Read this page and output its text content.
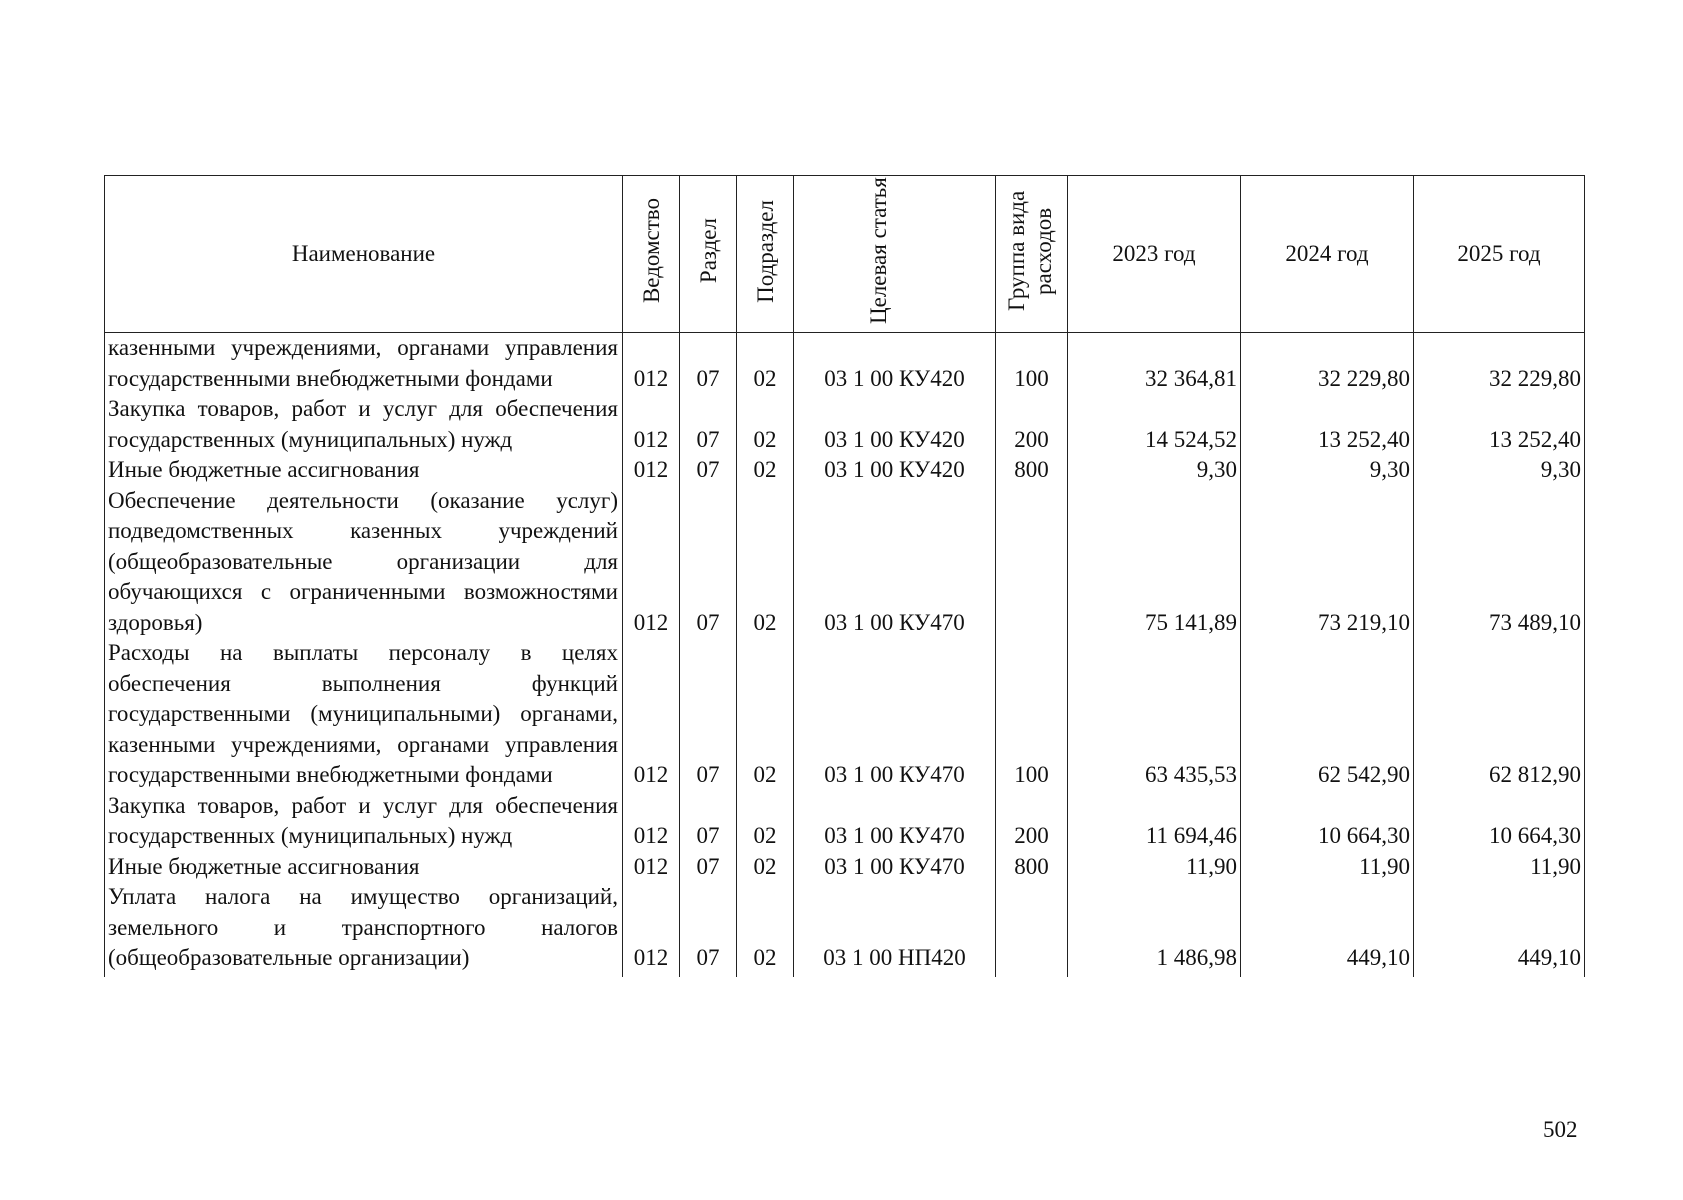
Наименование	Ведомство	Раздел	Подраздел	Целевая статья	Группа вида расходов	2023 год	2024 год	2025 год
казенными учреждениями, органами управления государственными внебюджетными фондами	012	07	02	03 1 00 КУ420	100	32 364,81	32 229,80	32 229,80
Закупка товаров, работ и услуг для обеспечения государственных (муниципальных) нужд	012	07	02	03 1 00 КУ420	200	14 524,52	13 252,40	13 252,40
Иные бюджетные ассигнования	012	07	02	03 1 00 КУ420	800	9,30	9,30	9,30
Обеспечение деятельности (оказание услуг) подведомственных казенных учреждений (общеобразовательные организации для обучающихся с ограниченными возможностями здоровья)	012	07	02	03 1 00 КУ470		75 141,89	73 219,10	73 489,10
Расходы на выплаты персоналу в целях обеспечения выполнения функций государственными (муниципальными) органами, казенными учреждениями, органами управления государственными внебюджетными фондами	012	07	02	03 1 00 КУ470	100	63 435,53	62 542,90	62 812,90
Закупка товаров, работ и услуг для обеспечения государственных (муниципальных) нужд	012	07	02	03 1 00 КУ470	200	11 694,46	10 664,30	10 664,30
Иные бюджетные ассигнования	012	07	02	03 1 00 КУ470	800	11,90	11,90	11,90
Уплата налога на имущество организаций, земельного и транспортного налогов (общеобразовательные организации)	012	07	02	03 1 00 НП420		1 486,98	449,10	449,10
502
